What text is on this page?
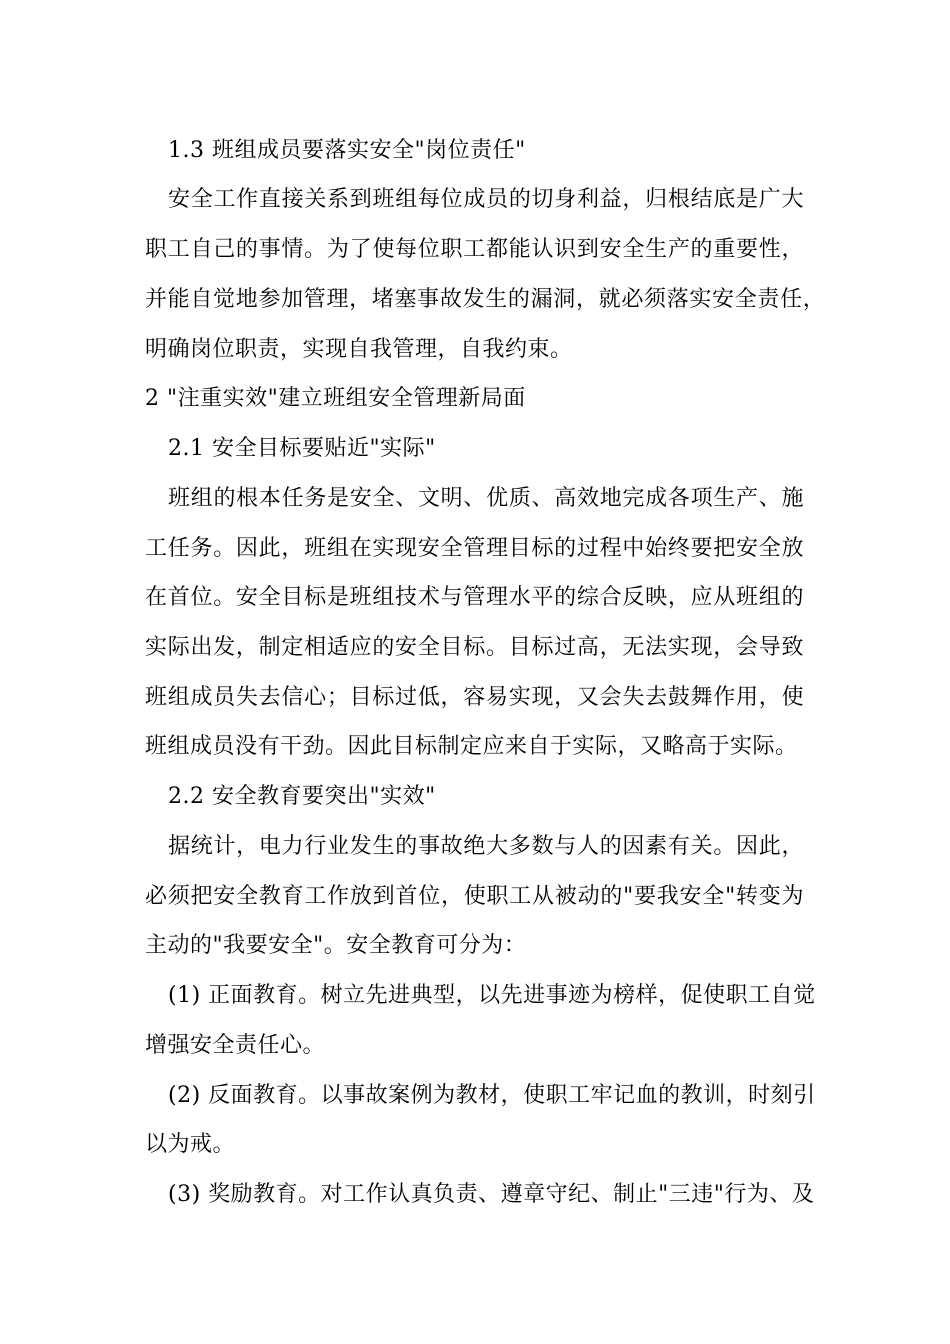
1.3 班组成员要落实安全"岗位责任"
安全工作直接关系到班组每位成员的切身利益，归根结底是广大
职工自己的事情。为了使每位职工都能认识到安全生产的重要性，
并能自觉地参加管理，堵塞事故发生的漏洞，就必须落实安全责任，
明确岗位职责，实现自我管理，自我约束。
2 "注重实效"建立班组安全管理新局面
2.1 安全目标要贴近"实际"
班组的根本任务是安全、文明、优质、高效地完成各项生产、施
工任务。因此，班组在实现安全管理目标的过程中始终要把安全放
在首位。安全目标是班组技术与管理水平的综合反映，应从班组的
实际出发，制定相适应的安全目标。目标过高，无法实现，会导致
班组成员失去信心；目标过低，容易实现，又会失去鼓舞作用，使
班组成员没有干劲。因此目标制定应来自于实际，又略高于实际。
2.2 安全教育要突出"实效"
据统计，电力行业发生的事故绝大多数与人的因素有关。因此，
必须把安全教育工作放到首位，使职工从被动的"要我安全"转变为
主动的"我要安全"。安全教育可分为：
(1) 正面教育。树立先进典型，以先进事迹为榜样，促使职工自觉
增强安全责任心。
(2) 反面教育。以事故案例为教材，使职工牢记血的教训，时刻引
以为戒。
(3) 奖励教育。对工作认真负责、遵章守纪、制止"三违"行为、及
